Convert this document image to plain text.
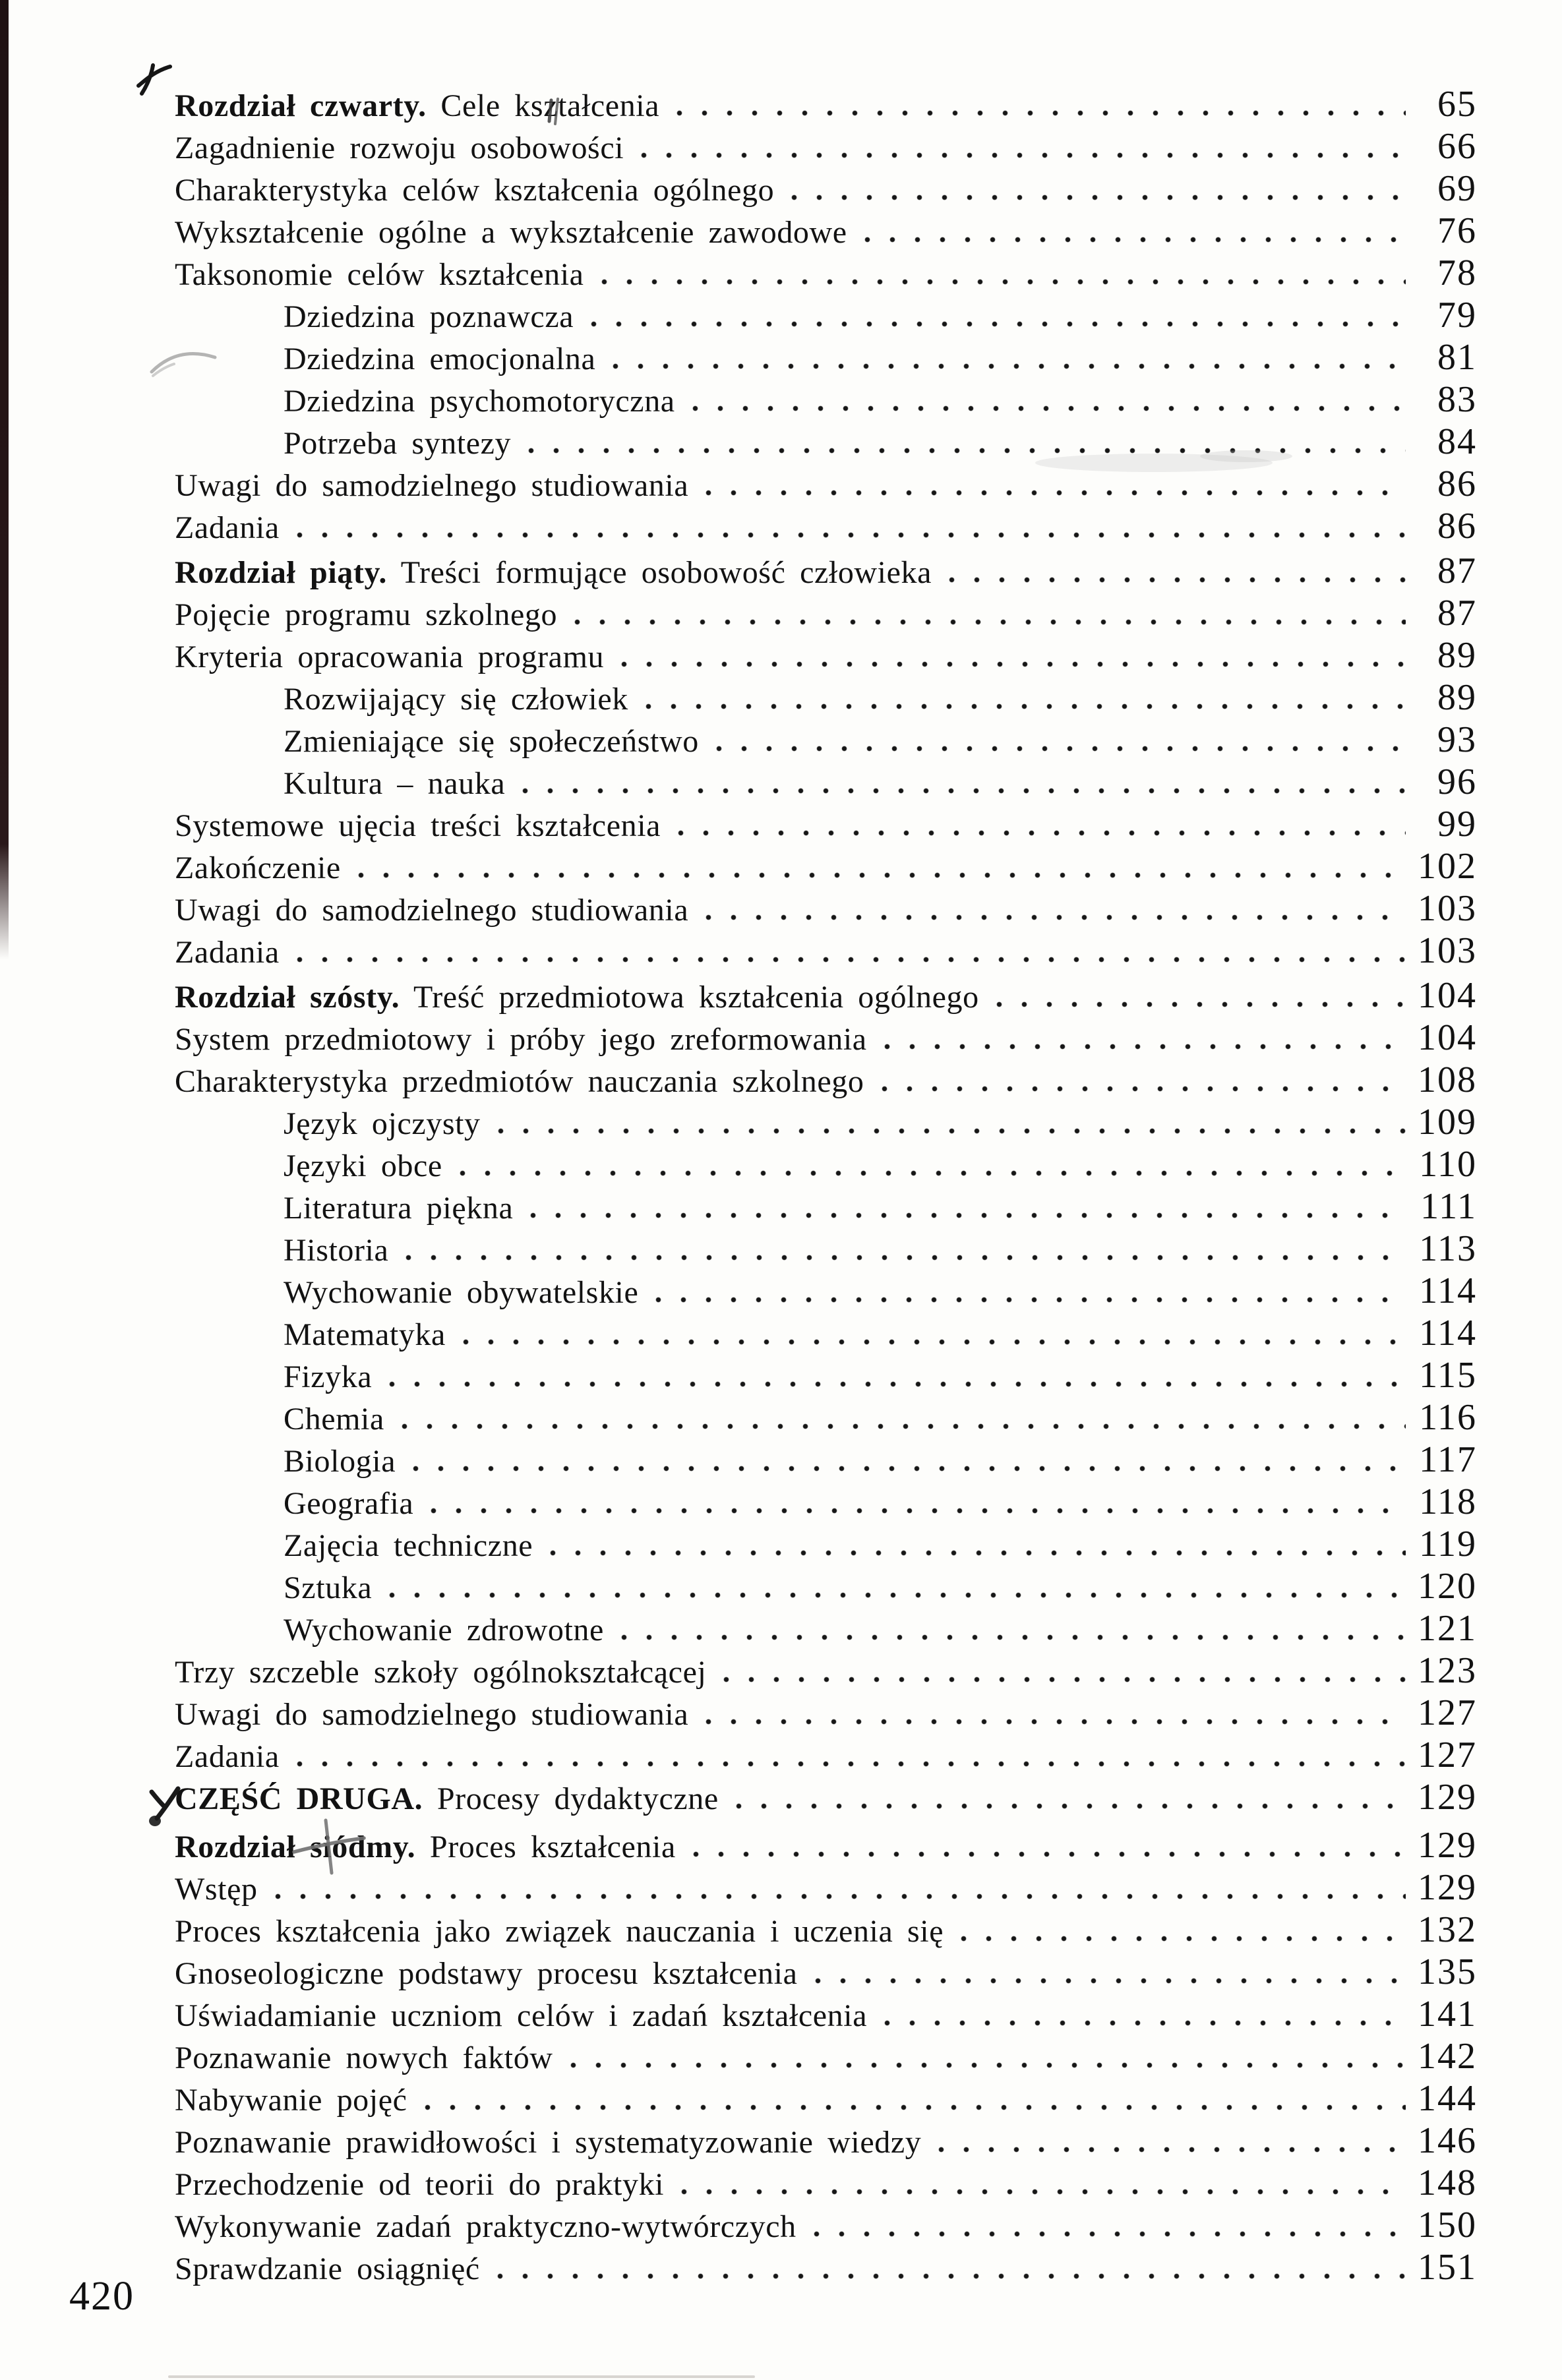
Rozdział czwarty. Cele kształcenia	65
Zagadnienie rozwoju osobowości	66
Charakterystyka celów kształcenia ogólnego	69
Wykształcenie ogólne a wykształcenie zawodowe	76
Taksonomie celów kształcenia	78
Dziedzina poznawcza	79
Dziedzina emocjonalna	81
Dziedzina psychomotoryczna	83
Potrzeba syntezy	84
Uwagi do samodzielnego studiowania	86
Zadania	86
Rozdział piąty. Treści formujące osobowość człowieka	87
Pojęcie programu szkolnego	87
Kryteria opracowania programu	89
Rozwijający się człowiek	89
Zmieniające się społeczeństwo	93
Kultura – nauka	96
Systemowe ujęcia treści kształcenia	99
Zakończenie	102
Uwagi do samodzielnego studiowania	103
Zadania	103
Rozdział szósty. Treść przedmiotowa kształcenia ogólnego	104
System przedmiotowy i próby jego zreformowania	104
Charakterystyka przedmiotów nauczania szkolnego	108
Język ojczysty	109
Języki obce	110
Literatura piękna	111
Historia	113
Wychowanie obywatelskie	114
Matematyka	114
Fizyka	115
Chemia	116
Biologia	117
Geografia	118
Zajęcia techniczne	119
Sztuka	120
Wychowanie zdrowotne	121
Trzy szczeble szkoły ogólnokształcącej	123
Uwagi do samodzielnego studiowania	127
Zadania	127
CZĘŚĆ DRUGA. Procesy dydaktyczne	129
Rozdział siódmy. Proces kształcenia	129
Wstęp	129
Proces kształcenia jako związek nauczania i uczenia się	132
Gnoseologiczne podstawy procesu kształcenia	135
Uświadamianie uczniom celów i zadań kształcenia	141
Poznawanie nowych faktów	142
Nabywanie pojęć	144
Poznawanie prawidłowości i systematyzowanie wiedzy	146
Przechodzenie od teorii do praktyki	148
Wykonywanie zadań praktyczno-wytwórczych	150
Sprawdzanie osiągnięć	151
420
